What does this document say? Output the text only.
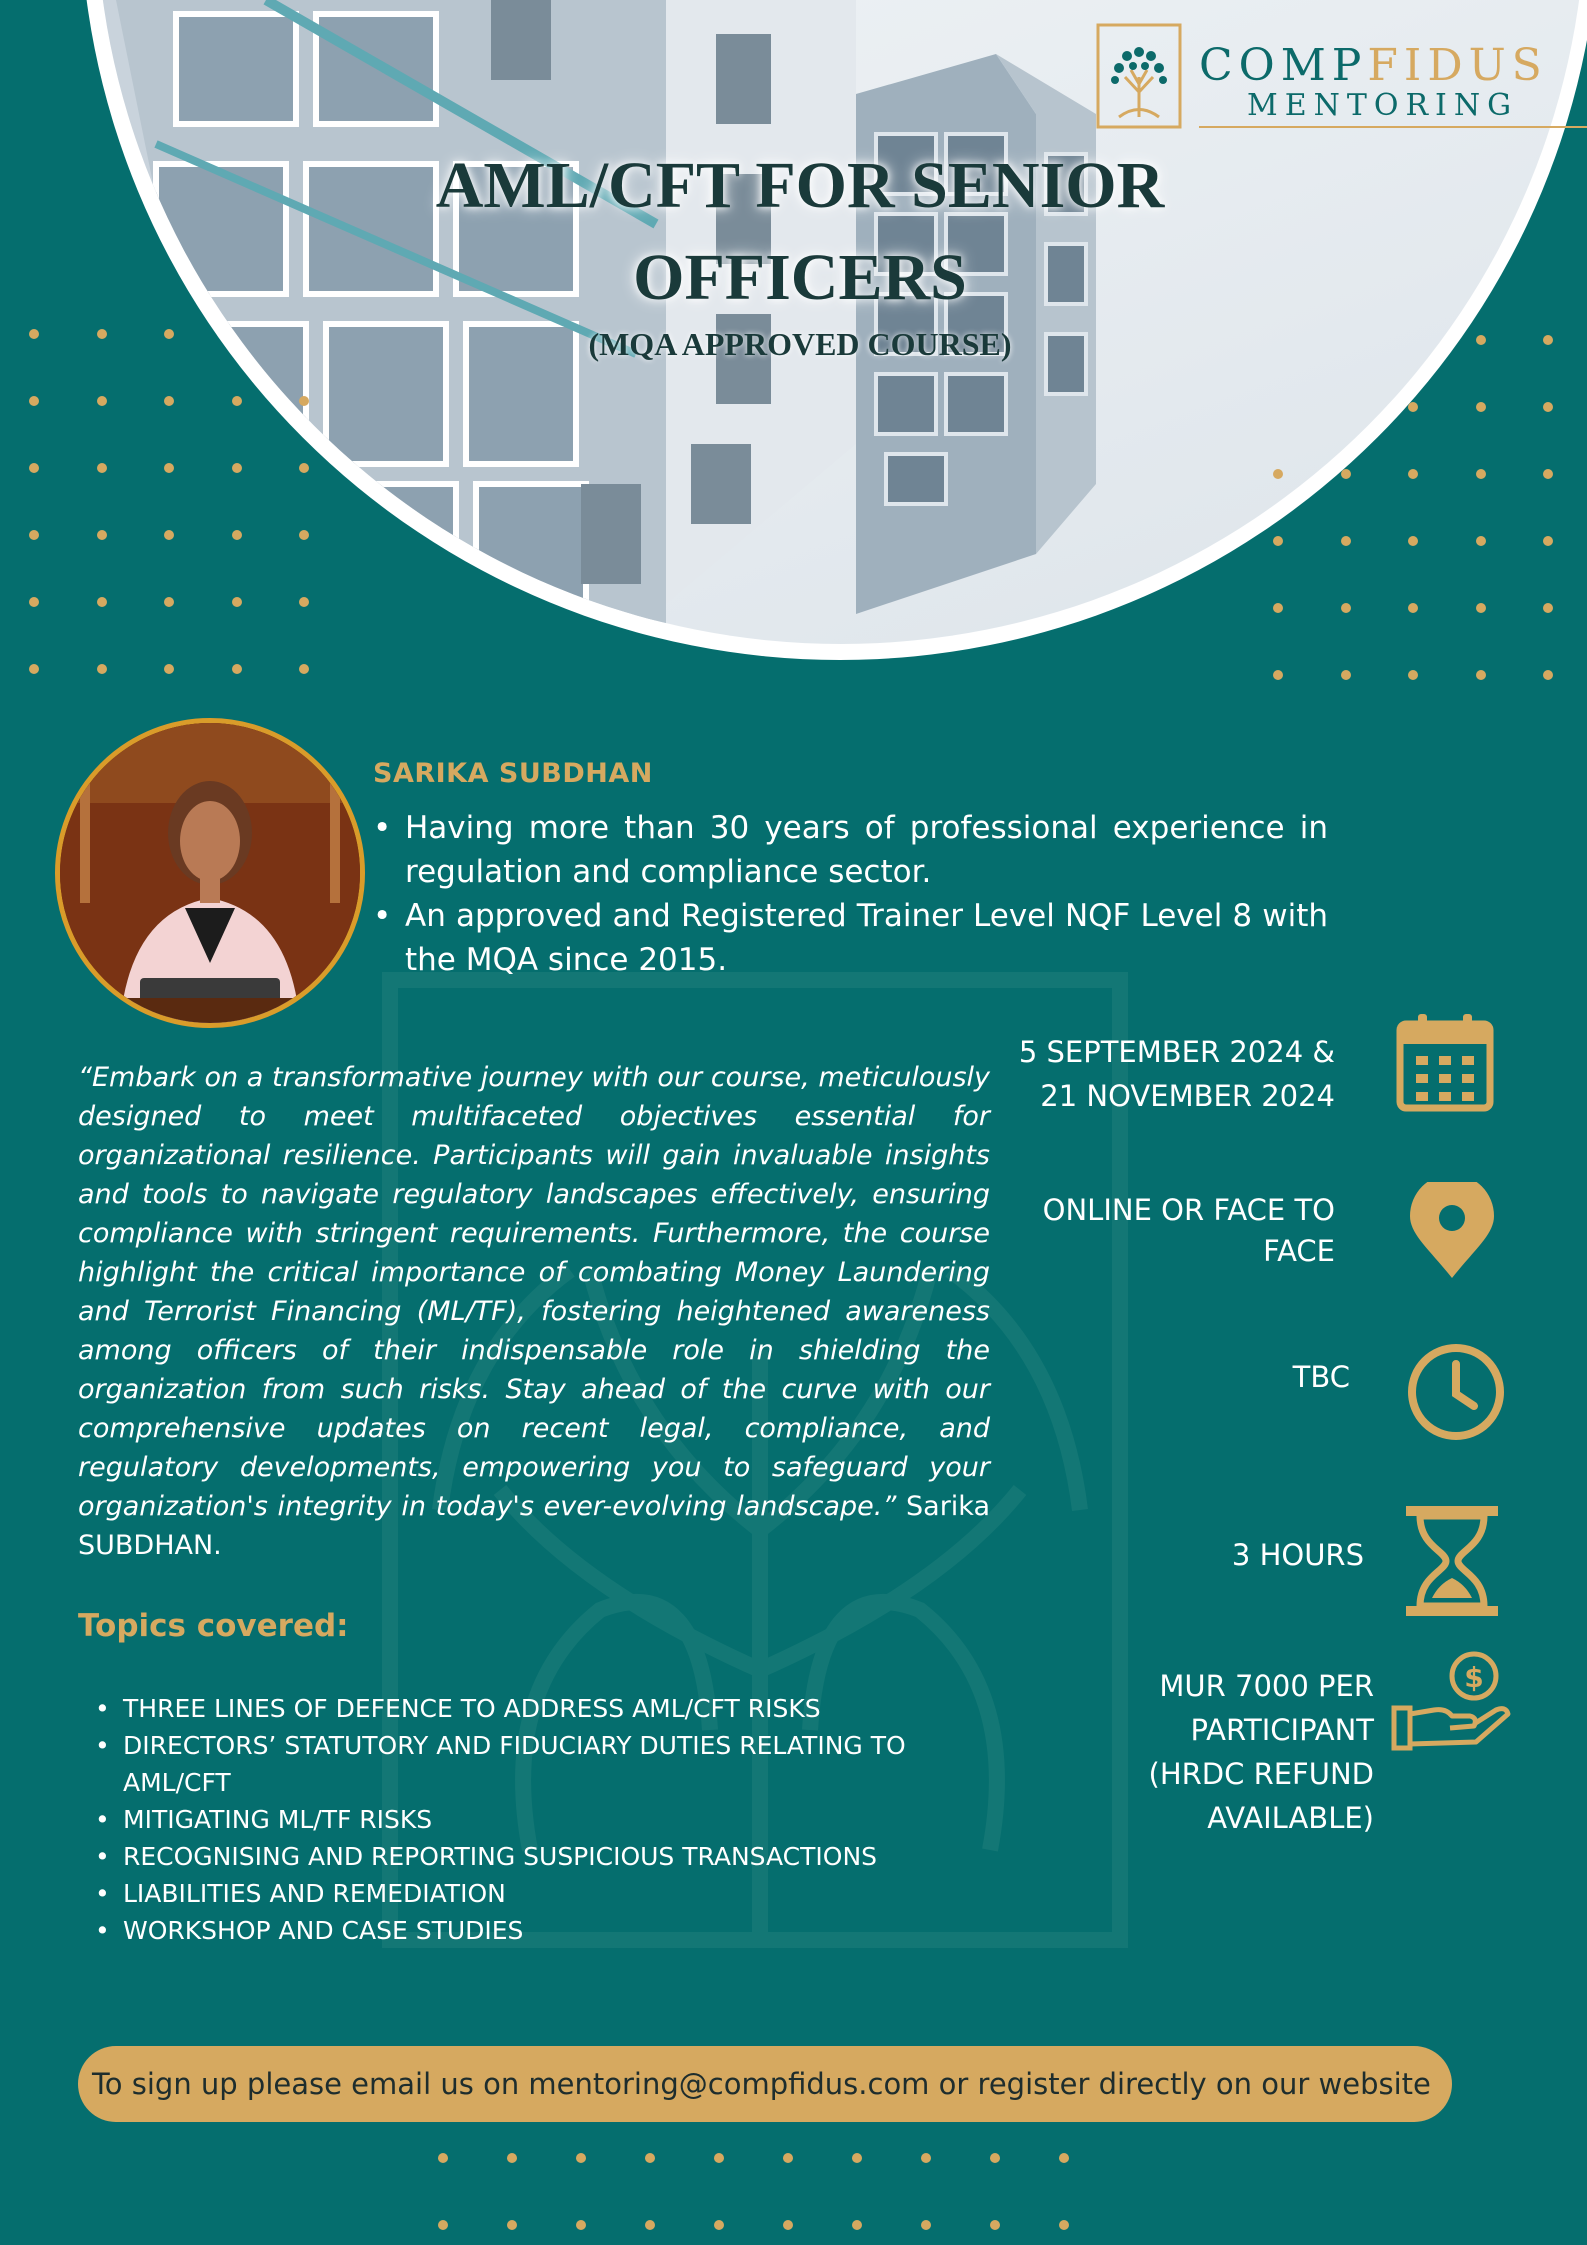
COMPFIDUS
MENTORING
AML/CFT FOR SENIOR
OFFICERS
(MQA APPROVED COURSE)
SARIKA SUBDHAN
• Having more than 30 years of professional experience in regulation and compliance sector.
• An approved and Registered Trainer Level NQF Level 8 with the MQA since 2015.
“Embark on a transformative journey with our course, meticulously designed to meet multifaceted objectives essential for organizational resilience. Participants will gain invaluable insights and tools to navigate regulatory landscapes effectively, ensuring compliance with stringent requirements. Furthermore, the course highlight the critical importance of combating Money Laundering and Terrorist Financing (ML/TF), fostering heightened awareness among officers of their indispensable role in shielding the organization from such risks. Stay ahead of the curve with our comprehensive updates on recent legal, compliance, and regulatory developments, empowering you to safeguard your organization's integrity in today's ever-evolving landscape.” Sarika SUBDHAN.
Topics covered:
• THREE LINES OF DEFENCE TO ADDRESS AML/CFT RISKS
• DIRECTORS’ STATUTORY AND FIDUCIARY DUTIES RELATING TO AML/CFT
• MITIGATING ML/TF RISKS
• RECOGNISING AND REPORTING SUSPICIOUS TRANSACTIONS
• LIABILITIES AND REMEDIATION
• WORKSHOP AND CASE STUDIES
5 SEPTEMBER 2024 &
21 NOVEMBER 2024
ONLINE OR FACE TO
FACE
TBC
3 HOURS
MUR 7000 PER
PARTICIPANT
(HRDC REFUND
AVAILABLE)
$
To sign up please email us on mentoring@compfidus.com or register directly on our website
